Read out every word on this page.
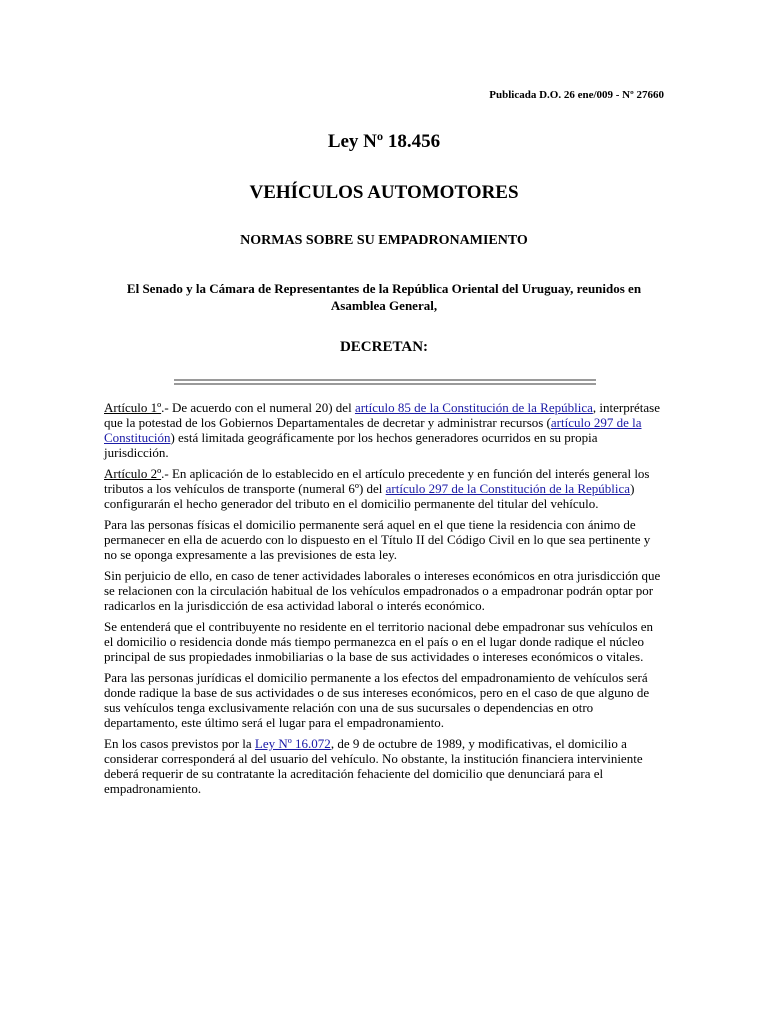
Publicada D.O. 26 ene/009 - Nº 27660
Ley Nº 18.456
VEHÍCULOS AUTOMOTORES
NORMAS SOBRE SU EMPADRONAMIENTO
El Senado y la Cámara de Representantes de la República Oriental del Uruguay, reunidos en Asamblea General,
DECRETAN:

Artículo 1º.- De acuerdo con el numeral 20) del artículo 85 de la Constitución de la República, interprétase que la potestad de los Gobiernos Departamentales de decretar y administrar recursos (artículo 297 de la Constitución) está limitada geográficamente por los hechos generadores ocurridos en su propia jurisdicción.

Artículo 2º.- En aplicación de lo establecido en el artículo precedente y en función del interés general los tributos a los vehículos de transporte (numeral 6º) del artículo 297 de la Constitución de la República) configurarán el hecho generador del tributo en el domicilio permanente del titular del vehículo.

Para las personas físicas el domicilio permanente será aquel en el que tiene la residencia con ánimo de permanecer en ella de acuerdo con lo dispuesto en el Título II del Código Civil en lo que sea pertinente y no se oponga expresamente a las previsiones de esta ley.

Sin perjuicio de ello, en caso de tener actividades laborales o intereses económicos en otra jurisdicción que se relacionen con la circulación habitual de los vehículos empadronados o a empadronar podrán optar por radicarlos en la jurisdicción de esa actividad laboral o interés económico.

Se entenderá que el contribuyente no residente en el territorio nacional debe empadronar sus vehículos en el domicilio o residencia donde más tiempo permanezca en el país o en el lugar donde radique el núcleo principal de sus propiedades inmobiliarias o la base de sus actividades o intereses económicos o vitales.

Para las personas jurídicas el domicilio permanente a los efectos del empadronamiento de vehículos será donde radique la base de sus actividades o de sus intereses económicos, pero en el caso de que alguno de sus vehículos tenga exclusivamente relación con una de sus sucursales o dependencias en otro departamento, este último será el lugar para el empadronamiento.

En los casos previstos por la Ley Nº 16.072, de 9 de octubre de 1989, y modificativas, el domicilio a considerar corresponderá al del usuario del vehículo. No obstante, la institución financiera interviniente deberá requerir de su contratante la acreditación fehaciente del domicilio que denunciará para el empadronamiento.
